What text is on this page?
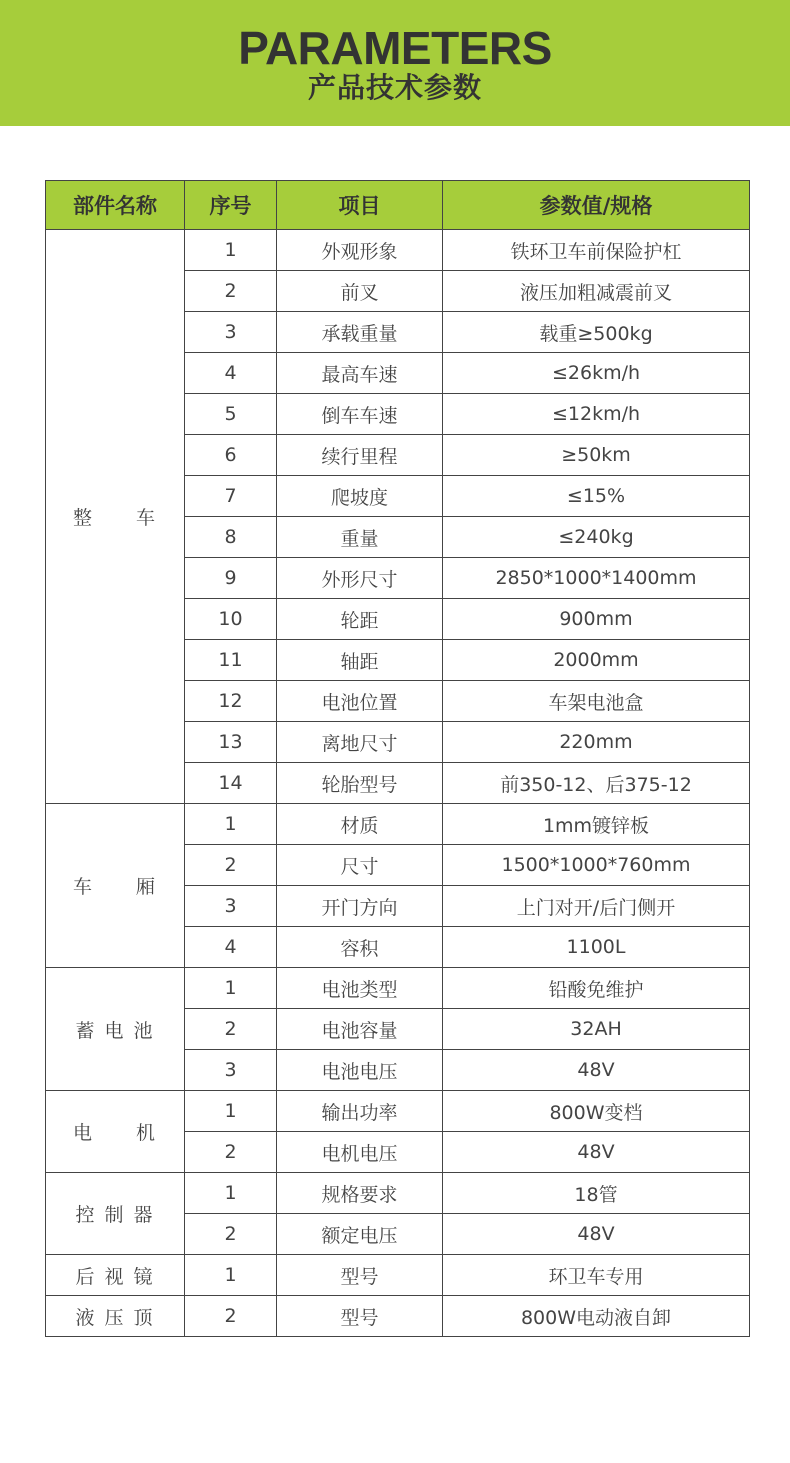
PARAMETERS
产品技术参数
部件名称	序号	项目	参数值/规格
整　　车	1	外观形象	铁环卫车前保险护杠
	2	前叉	液压加粗减震前叉
	3	承载重量	载重≥500kg
	4	最高车速	≤26km/h
	5	倒车车速	≤12km/h
	6	续行里程	≥50km
	7	爬坡度	≤15%
	8	重量	≤240kg
	9	外形尺寸	2850*1000*1400mm
	10	轮距	900mm
	11	轴距	2000mm
	12	电池位置	车架电池盒
	13	离地尺寸	220mm
	14	轮胎型号	前350-12、后375-12
车　　厢	1	材质	1mm镀锌板
	2	尺寸	1500*1000*760mm
	3	开门方向	上门对开/后门侧开
	4	容积	1100L
蓄 电 池	1	电池类型	铅酸免维护
	2	电池容量	32AH
	3	电池电压	48V
电　　机	1	输出功率	800W变档
	2	电机电压	48V
控 制 器	1	规格要求	18管
	2	额定电压	48V
后 视 镜	1	型号	环卫车专用
液 压 顶	2	型号	800W电动液自卸
